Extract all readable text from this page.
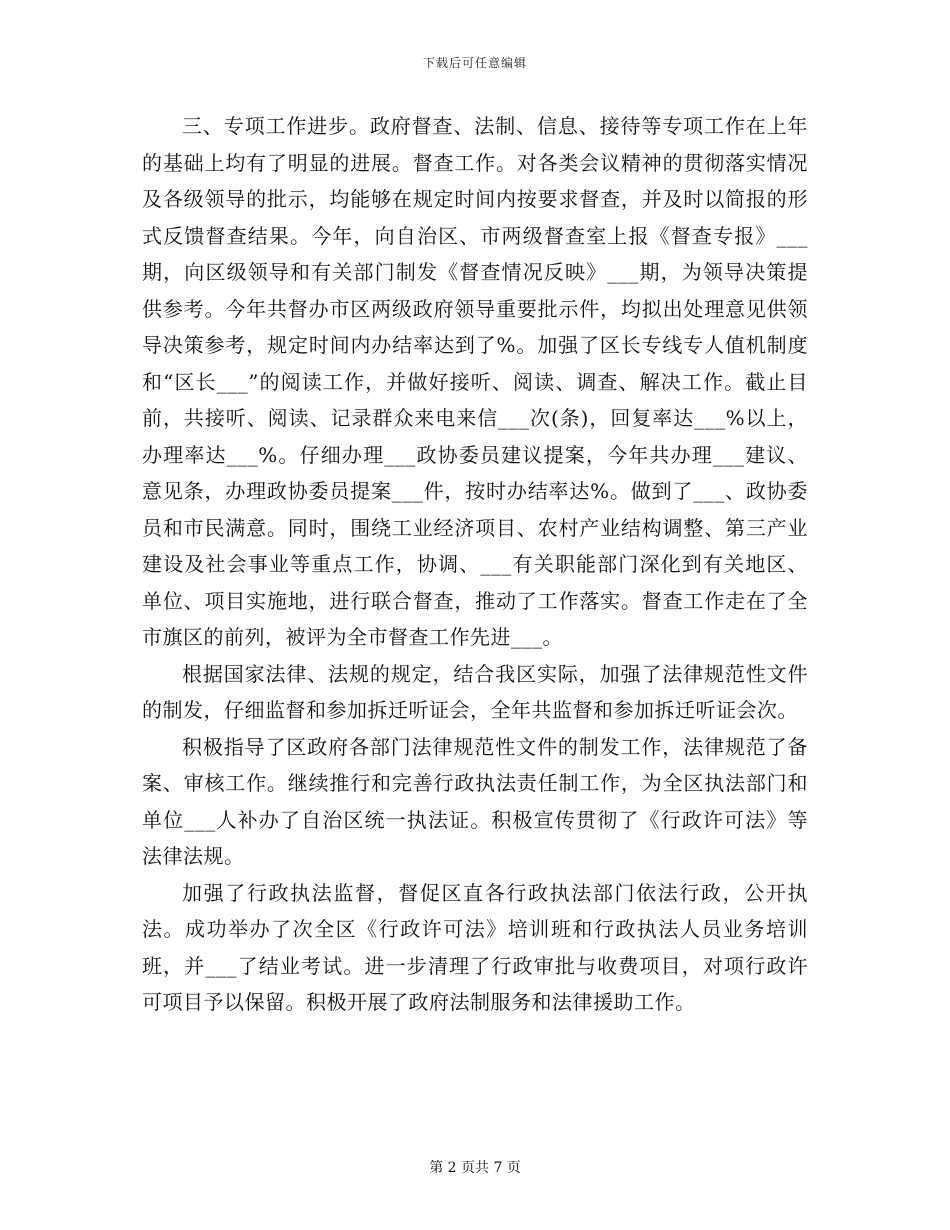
下载后可任意编辑

三、专项工作进步。政府督查、法制、信息、接待等专项工作在上年的基础上均有了明显的进展。督查工作。对各类会议精神的贯彻落实情况及各级领导的批示，均能够在规定时间内按要求督查，并及时以简报的形式反馈督查结果。今年，向自治区、市两级督查室上报《督查专报》___期，向区级领导和有关部门制发《督查情况反映》___期，为领导决策提供参考。今年共督办市区两级政府领导重要批示件，均拟出处理意见供领导决策参考，规定时间内办结率达到了%。加强了区长专线专人值机制度和“区长___”的阅读工作，并做好接听、阅读、调查、解决工作。截止目前，共接听、阅读、记录群众来电来信___次(条)，回复率达___%以上，办理率达___%。仔细办理___政协委员建议提案，今年共办理___建议、意见条，办理政协委员提案___件，按时办结率达%。做到了___、政协委员和市民满意。同时，围绕工业经济项目、农村产业结构调整、第三产业建设及社会事业等重点工作，协调、___有关职能部门深化到有关地区、单位、项目实施地，进行联合督查，推动了工作落实。督查工作走在了全市旗区的前列，被评为全市督查工作先进___。

根据国家法律、法规的规定，结合我区实际，加强了法律规范性文件的制发，仔细监督和参加拆迁听证会，全年共监督和参加拆迁听证会次。

积极指导了区政府各部门法律规范性文件的制发工作，法律规范了备案、审核工作。继续推行和完善行政执法责任制工作，为全区执法部门和单位___人补办了自治区统一执法证。积极宣传贯彻了《行政许可法》等法律法规。

加强了行政执法监督，督促区直各行政执法部门依法行政，公开执法。成功举办了次全区《行政许可法》培训班和行政执法人员业务培训班，并___了结业考试。进一步清理了行政审批与收费项目，对项行政许可项目予以保留。积极开展了政府法制服务和法律援助工作。

第 2 页共 7 页
